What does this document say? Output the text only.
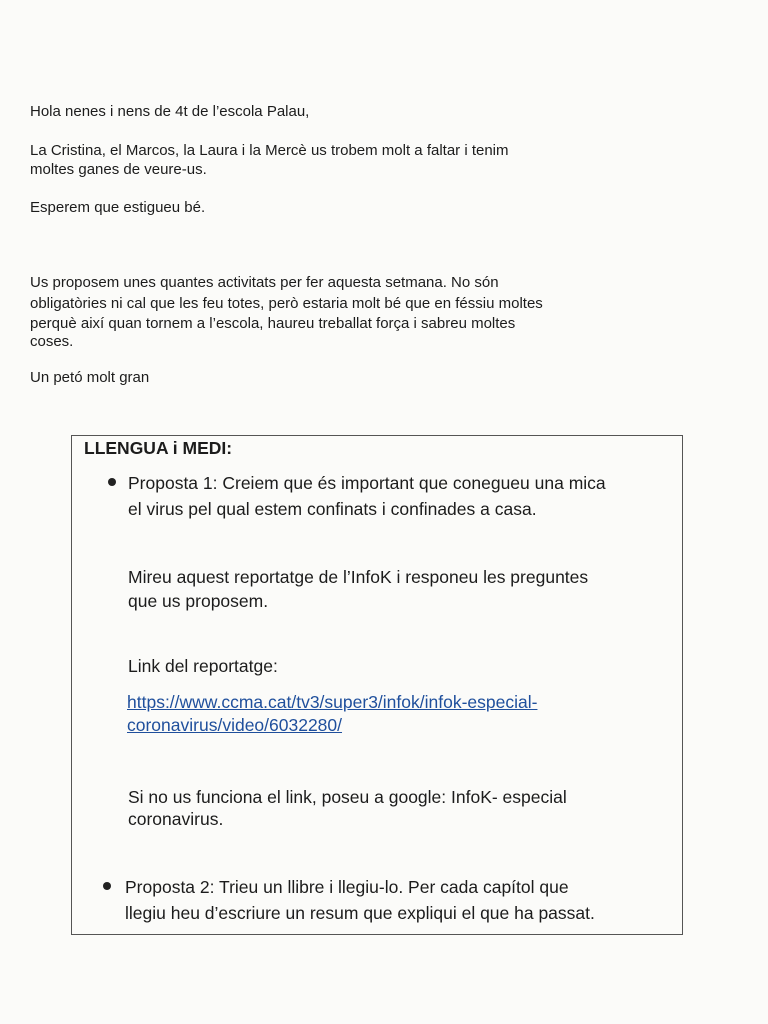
Hola nenes i nens de 4t de l’escola Palau,

La Cristina, el Marcos, la Laura i la Mercè us trobem molt a faltar i tenim

moltes ganes de veure-us.

Esperem que estigueu bé.

Us proposem unes quantes activitats per fer aquesta setmana. No són

obligatòries ni cal que les feu totes, però estaria molt bé que en féssiu moltes

perquè així quan tornem a l’escola, haureu treballat força i sabreu moltes

coses.

Un petó molt gran

LLENGUA i MEDI:

Proposta 1: Creiem que és important que conegueu una mica

el virus pel qual estem confinats i confinades a casa.

Mireu aquest reportatge de l’InfoK i responeu les preguntes

que us proposem.

Link del reportatge:

https://www.ccma.cat/tv3/super3/infok/infok-especial-

coronavirus/video/6032280/

Si no us funciona el link, poseu a google: InfoK- especial

coronavirus.

Proposta 2: Trieu un llibre i llegiu-lo. Per cada capítol que

llegiu heu d’escriure un resum que expliqui el que ha passat.
